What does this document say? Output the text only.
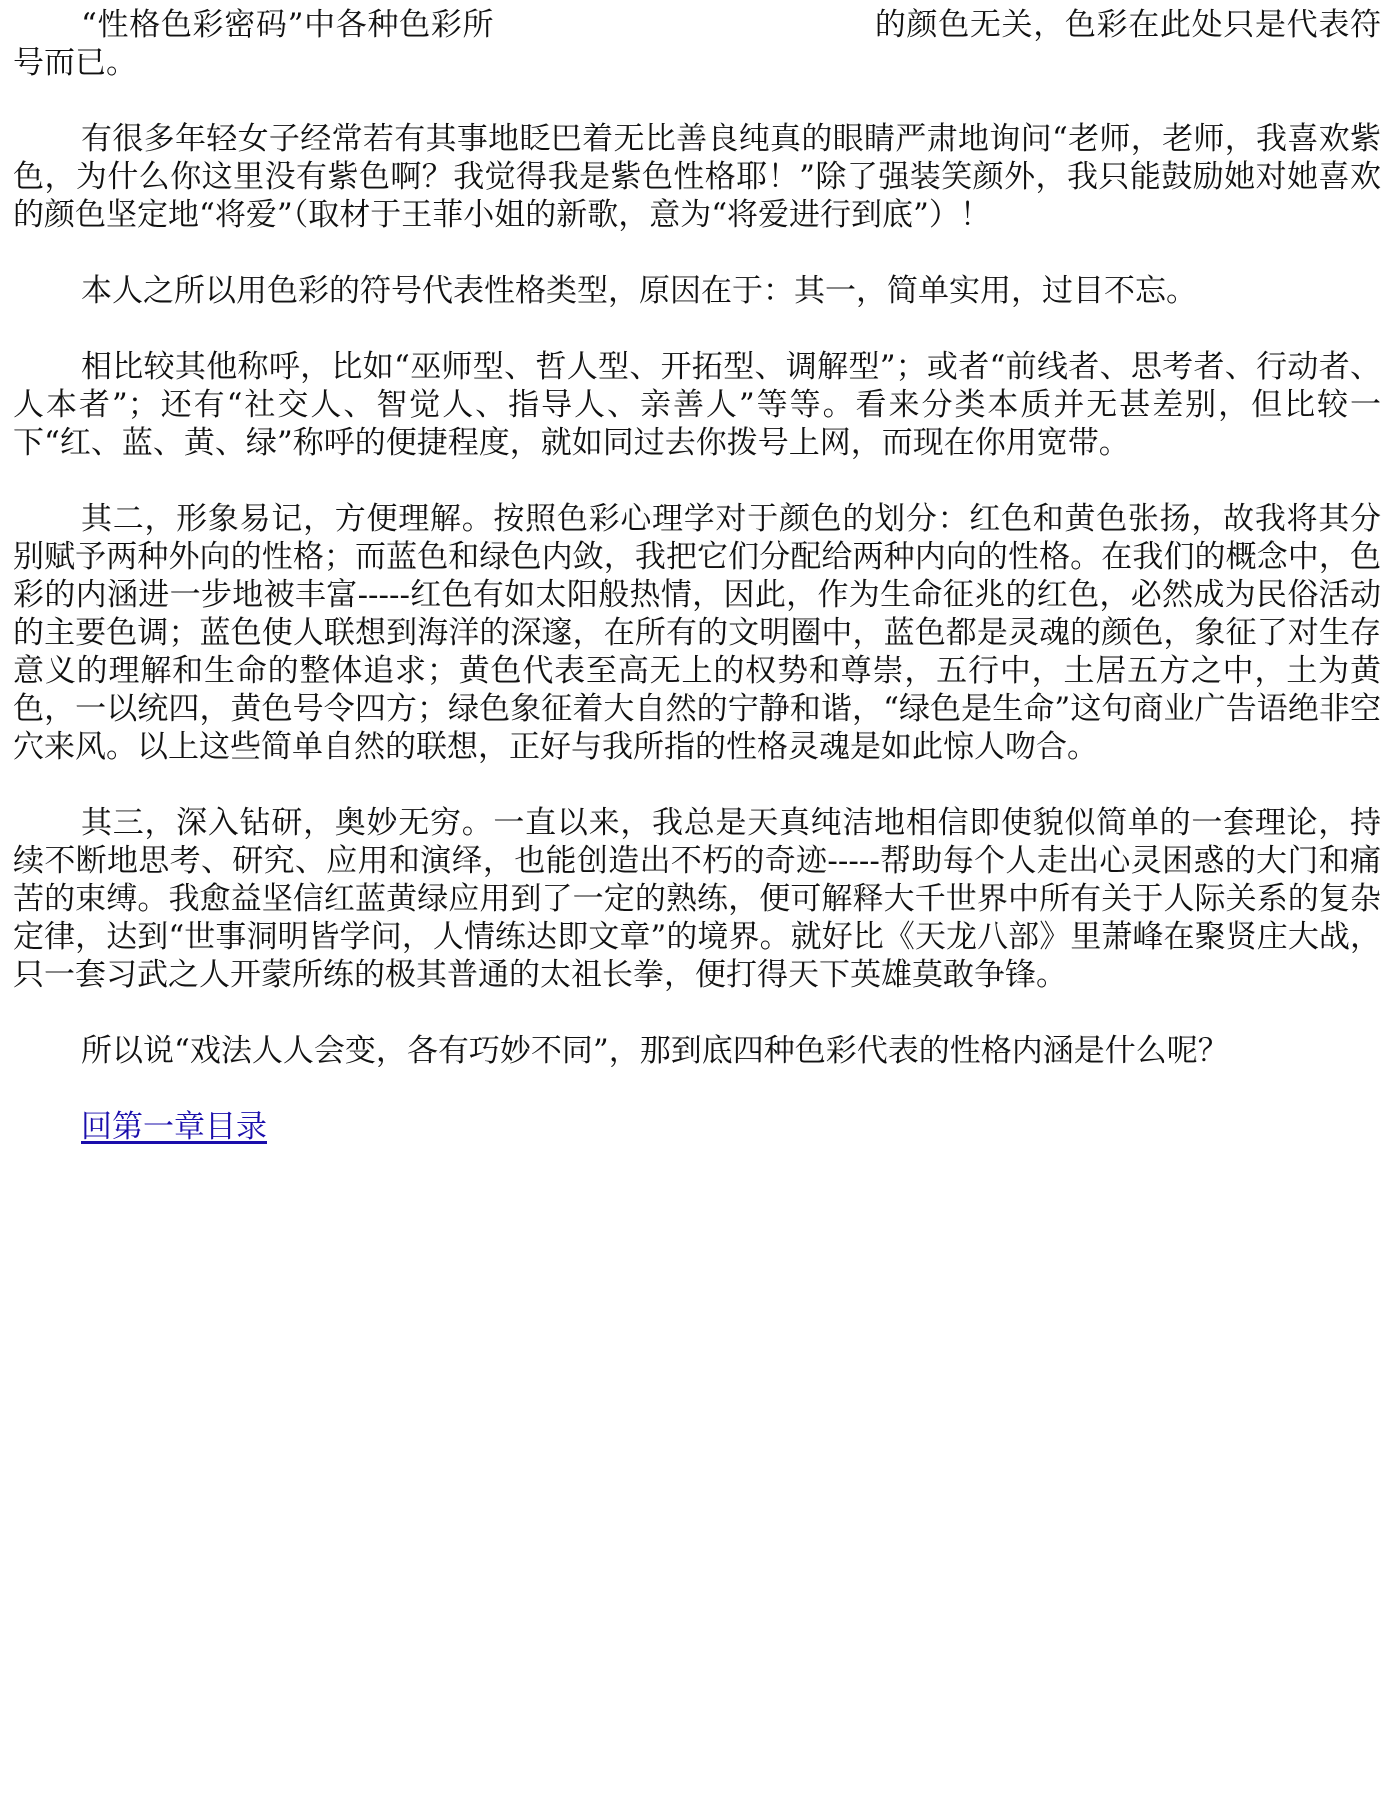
“性格色彩密码”中各种色彩所	的颜色无关，色彩在此处只是代表符号而已。

有很多年轻女子经常若有其事地眨巴着无比善良纯真的眼睛严肃地询问“老师，老师，我喜欢紫色，为什么你这里没有紫色啊？我觉得我是紫色性格耶！”除了强装笑颜外，我只能鼓励她对她喜欢的颜色坚定地“将爱”（取材于王菲小姐的新歌，意为“将爱进行到底”）！

本人之所以用色彩的符号代表性格类型，原因在于：其一，简单实用，过目不忘。

相比较其他称呼，比如“巫师型、哲人型、开拓型、调解型”；或者“前线者、思考者、行动者、人本者”；还有“社交人、智觉人、指导人、亲善人”等等。看来分类本质并无甚差别，但比较一下“红、蓝、黄、绿”称呼的便捷程度，就如同过去你拨号上网，而现在你用宽带。

其二，形象易记，方便理解。按照色彩心理学对于颜色的划分：红色和黄色张扬，故我将其分别赋予两种外向的性格；而蓝色和绿色内敛，我把它们分配给两种内向的性格。在我们的概念中，色彩的内涵进一步地被丰富-----红色有如太阳般热情，因此，作为生命征兆的红色，必然成为民俗活动的主要色调；蓝色使人联想到海洋的深邃，在所有的文明圈中，蓝色都是灵魂的颜色，象征了对生存意义的理解和生命的整体追求；黄色代表至高无上的权势和尊崇，五行中，土居五方之中，土为黄色，一以统四，黄色号令四方；绿色象征着大自然的宁静和谐，“绿色是生命”这句商业广告语绝非空穴来风。以上这些简单自然的联想，正好与我所指的性格灵魂是如此惊人吻合。

其三，深入钻研，奥妙无穷。一直以来，我总是天真纯洁地相信即使貌似简单的一套理论，持续不断地思考、研究、应用和演绎，也能创造出不朽的奇迹-----帮助每个人走出心灵困惑的大门和痛苦的束缚。我愈益坚信红蓝黄绿应用到了一定的熟练，便可解释大千世界中所有关于人际关系的复杂定律，达到“世事洞明皆学问，人情练达即文章”的境界。就好比《天龙八部》里萧峰在聚贤庄大战，只一套习武之人开蒙所练的极其普通的太祖长拳，便打得天下英雄莫敢争锋。

所以说“戏法人人会变，各有巧妙不同”，那到底四种色彩代表的性格内涵是什么呢？

回第一章目录
